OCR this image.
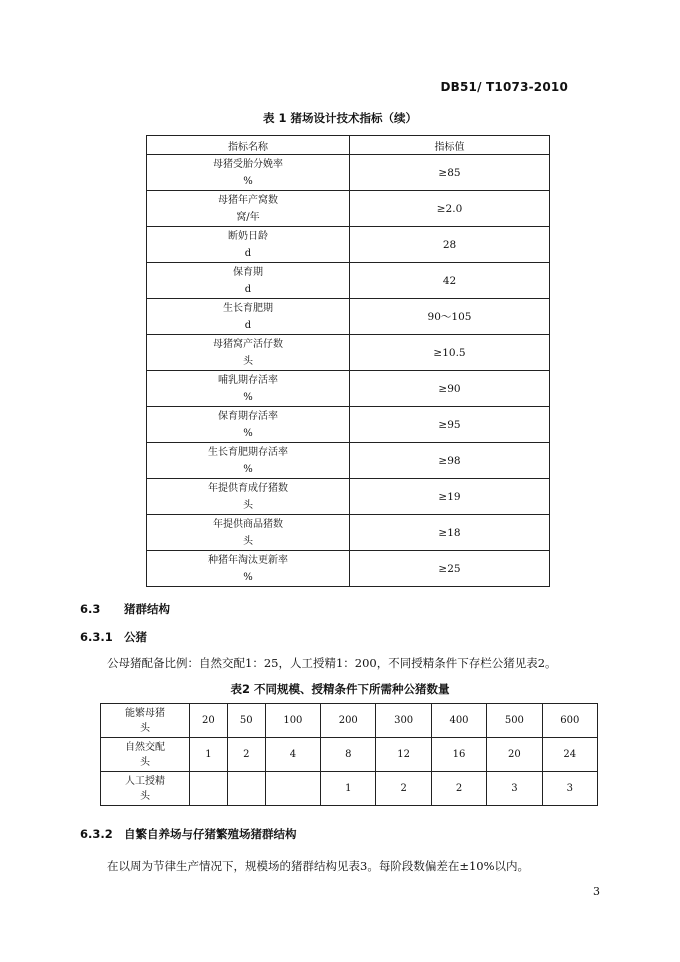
DB51/ T1073-2010
表 1 猪场设计技术指标（续）
指标名称	指标值

母猪受胎分娩率
%	≥85

母猪年产窝数
窝/年	≥2.0

断奶日龄
d	28

保育期
d	42

生长育肥期
d	90～105

母猪窝产活仔数
头	≥10.5

哺乳期存活率
%	≥90

保育期存活率
%	≥95

生长育肥期存活率
%	≥98

年提供育成仔猪数
头	≥19

年提供商品猪数
头	≥18

种猪年淘汰更新率
%	≥25
6.3 猪群结构
6.3.1 公猪
公母猪配备比例：自然交配1：25，人工授精1：200，不同授精条件下存栏公猪见表2。
表2 不同规模、授精条件下所需种公猪数量
能繁母猪
头	20	50	100	200	300	400	500	600

自然交配
头	1	2	4	8	12	16	20	24

人工授精
头				1	2	2	3	3
6.3.2 自繁自养场与仔猪繁殖场猪群结构
在以周为节律生产情况下，规模场的猪群结构见表3。每阶段数偏差在±10%以内。
3
